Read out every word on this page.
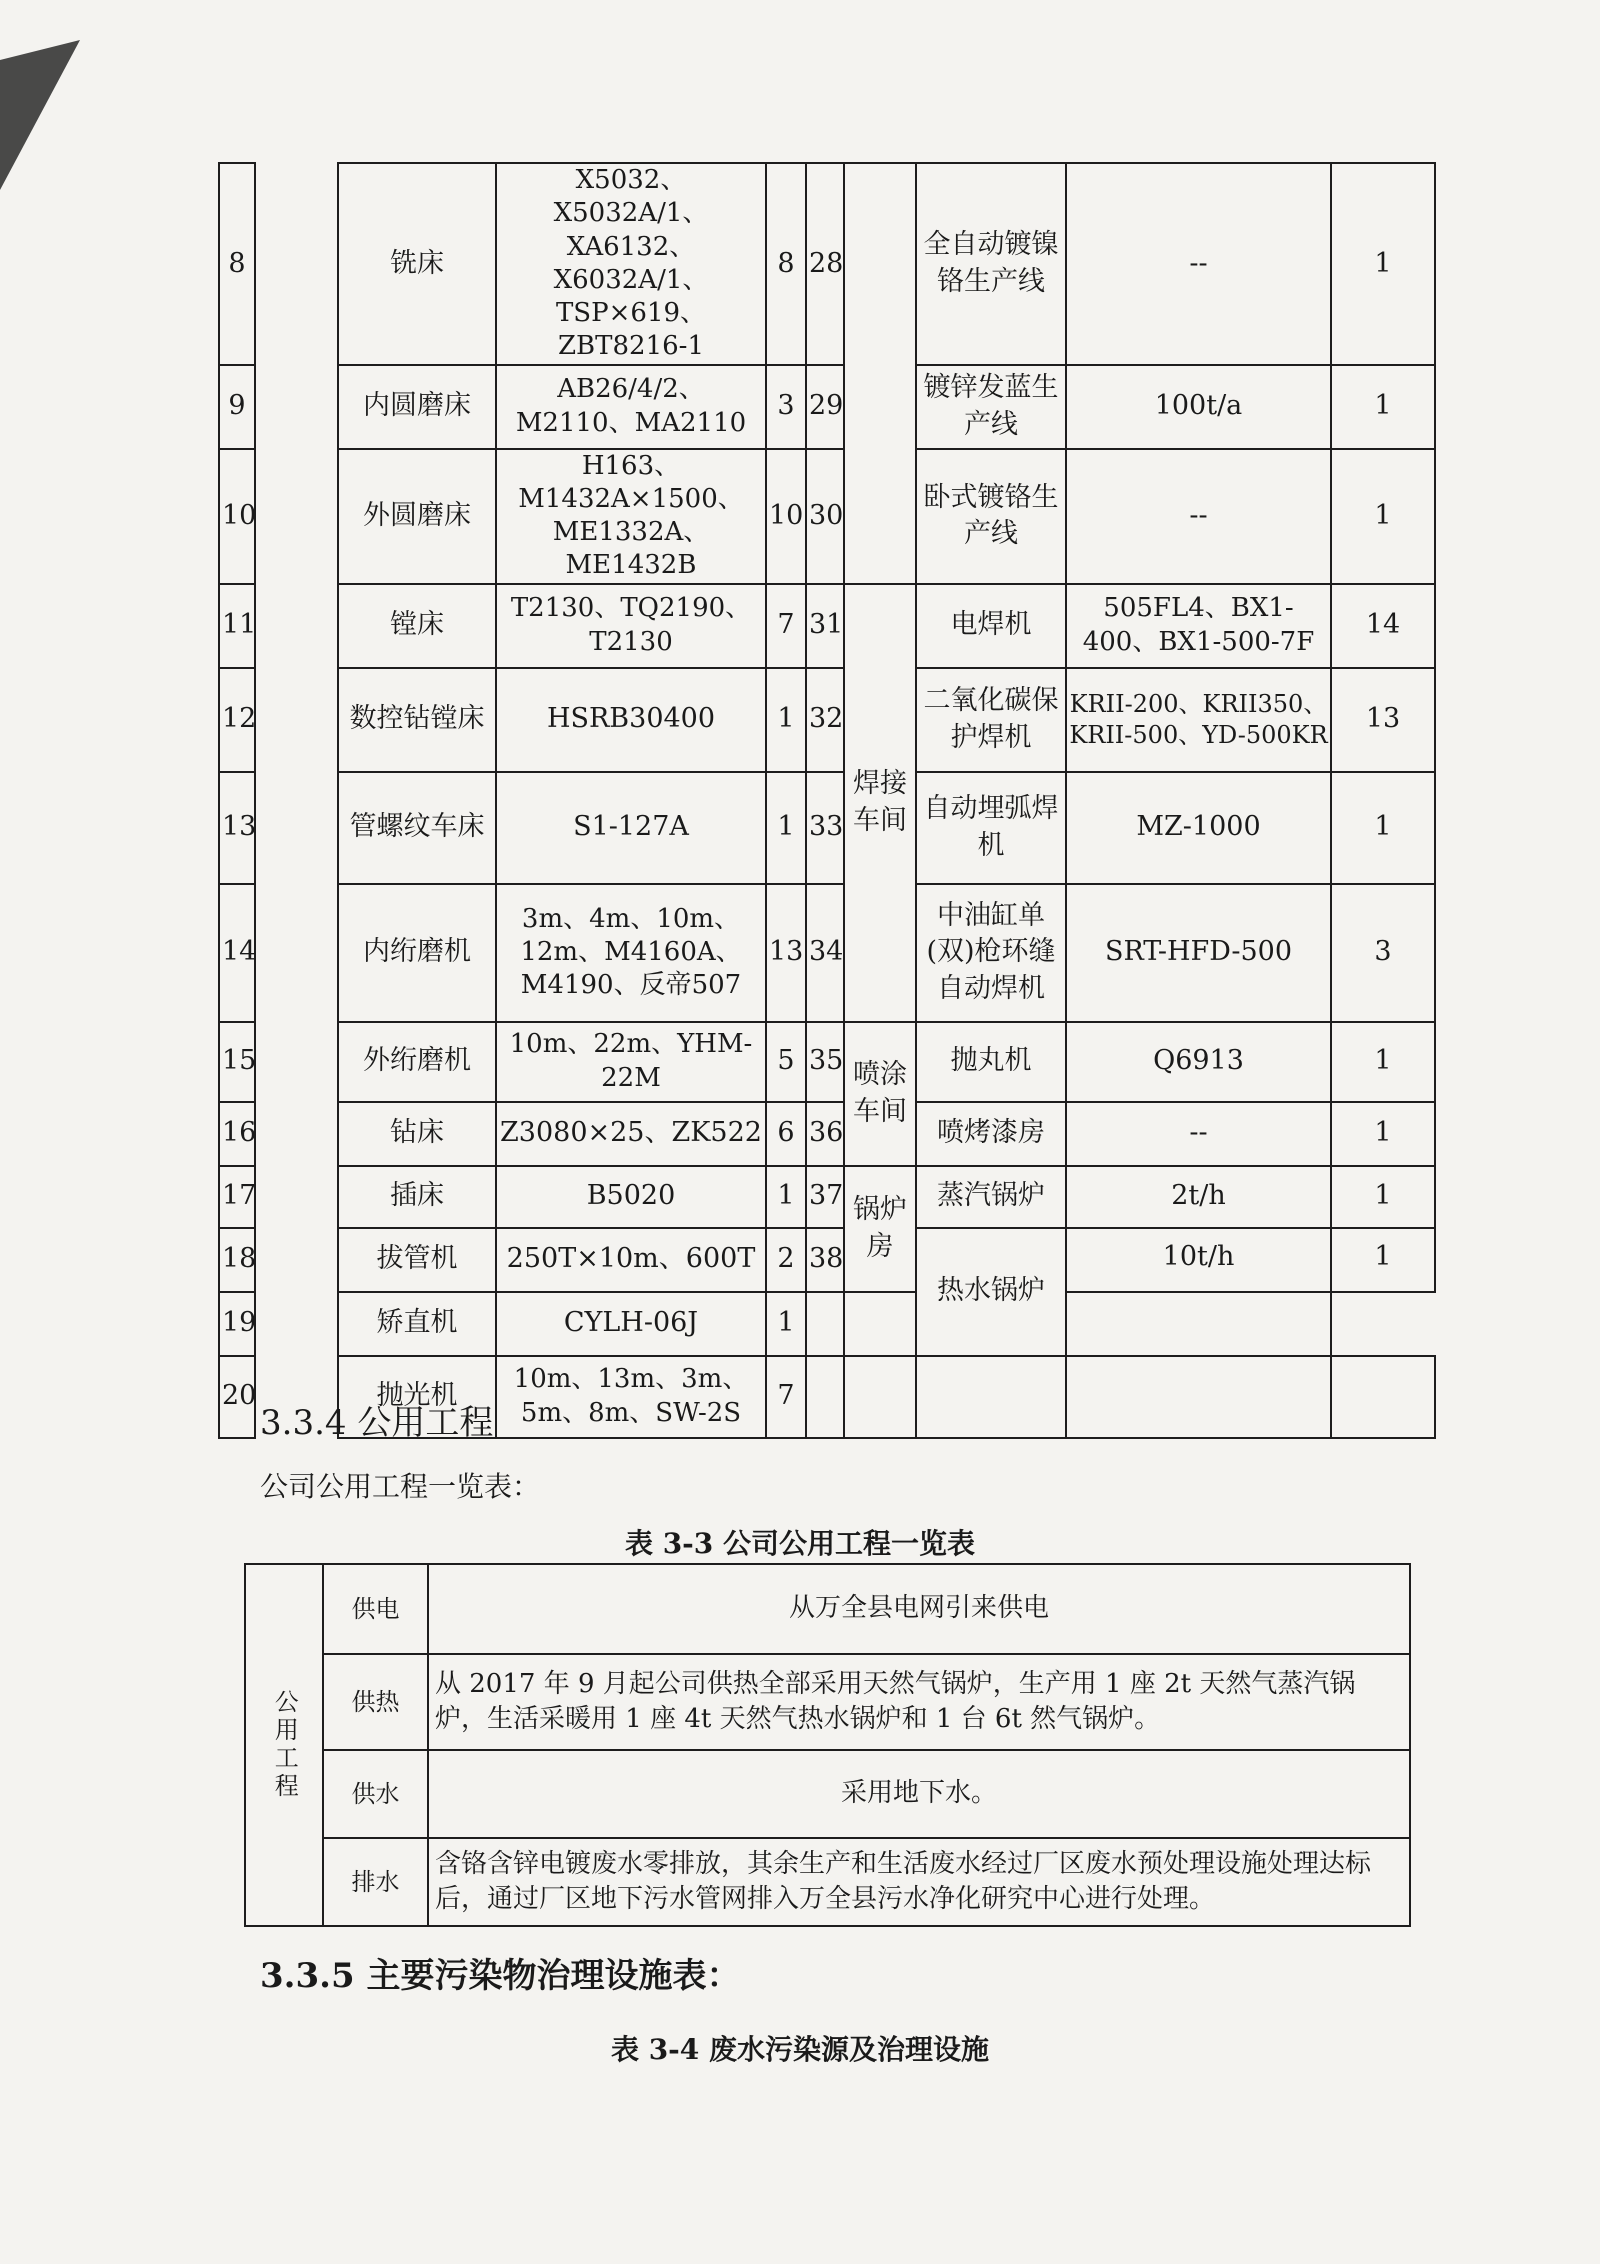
8		铣床	X5032、X5032A/1、XA6132、X6032A/1、TSP×619、ZBT8216-1	8	28		全自动镀镍铬生产线	--	1
9		内圆磨床	AB26/4/2、M2110、MA2110	3	29		镀锌发蓝生产线	100t/a	1
10		外圆磨床	H163、M1432A×1500、ME1332A、ME1432B	10	30		卧式镀铬生产线	--	1
11		镗床	T2130、TQ2190、T2130	7	31	焊接车间	电焊机	505FL4、BX1-400、BX1-500-7F	14
12		数控钻镗床	HSRB30400	1	32		二氧化碳保护焊机	KRII-200、KRII350、KRII-500、YD-500KR	13
13		管螺纹车床	S1-127A	1	33		自动埋弧焊机	MZ-1000	1
14		内绗磨机	3m、4m、10m、12m、M4160A、M4190、反帝507	13	34		中油缸单(双)枪环缝自动焊机	SRT-HFD-500	3
15		外绗磨机	10m、22m、YHM-22M	5	35	喷涂车间	抛丸机	Q6913	1
16		钻床	Z3080×25、ZK522	6	36		喷烤漆房	--	1
17		插床	B5020	1	37	锅炉房	蒸汽锅炉	2t/h	1
18		拔管机	250T×10m、600T	2	38		热水锅炉	10t/h	1
19		矫直机	CYLH-06J	1					
20		抛光机	10m、13m、3m、5m、8m、SW-2S	7					
3.3.4 公用工程
公司公用工程一览表：
表 3-3 公司公用工程一览表
公用工程	供电	从万全县电网引来供电
	供热	从 2017 年 9 月起公司供热全部采用天然气锅炉，生产用 1 座 2t 天然气蒸汽锅炉，生活采暖用 1 座 4t 天然气热水锅炉和 1 台 6t 然气锅炉。
	供水	采用地下水。
	排水	含铬含锌电镀废水零排放，其余生产和生活废水经过厂区废水预处理设施处理达标后，通过厂区地下污水管网排入万全县污水净化研究中心进行处理。
3.3.5 主要污染物治理设施表：
表 3-4 废水污染源及治理设施
